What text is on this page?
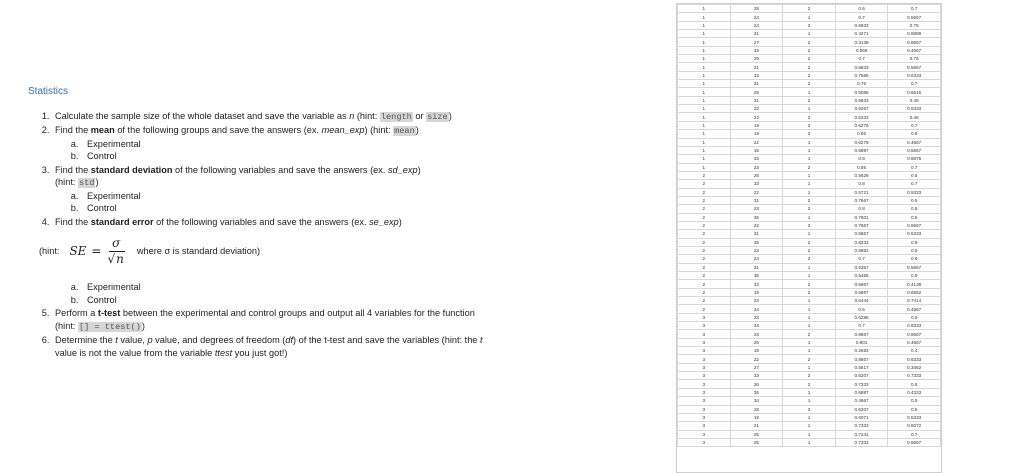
Statistics
1. Calculate the sample size of the whole dataset and save the variable as n (hint: length or size)
2. Find the mean of the following groups and save the answers (ex. mean_exp) (hint: mean)
a. Experimental
b. Control
3. Find the standard deviation of the following variables and save the answers (ex. sd_exp)
(hint: std)
a. Experimental
b. Control
4. Find the standard error of the following variables and save the answers (ex. se_exp)
(hint: SE = $\frac{\sigma}{√n}$ where σ is standard deviation)
a. Experimental
b. Control
5. Perform a t-test between the experimental and control groups and output all 4 variables for the function (hint: [] = ttest())
6. Determine the t value, p value, and degrees of freedom (df) of the t-test and save the variables (hint: the t value is not the value from the variable ttest you just got!)
1	28	2	0.6	0.7
1	24	1	0.7	0.5667
1	24	2	0.6833	0.75
1	31	1	0.4271	0.6889
1	27	2	0.3138	0.8667
1	33	2	0.569	0.4667
1	29	2	0.7	0.75
1	21	2	0.6833	0.5667
1	33	2	0.7586	0.6333
1	31	2	0.75	0.7
1	25	1	0.5085	0.6615
1	31	2	0.5833	0.45
1	22	1	0.5267	0.5333
1	22	2	0.5333	0.45
1	19	2	0.6276	0.7
1	19	2	0.85	0.8
1	22	1	0.6279	0.4667
1	15	1	0.6897	0.5667
1	33	1	0.9	0.6875
1	23	2	0.85	0.7
2	26	1	0.5828	0.5
2	33	1	0.8	0.7
2	22	1	0.5721	0.5333
2	31	2	0.7667	0.5
2	23	2	0.8	0.8
2	35	1	0.7601	0.5
2	22	2	0.7667	0.6667
2	31	1	0.5667	0.5333
2	35	2	0.8333	0.9
2	23	2	0.5862	0.5
2	24	2	0.7	0.6
2	31	1	0.5357	0.5667
2	35	1	0.5455	0.9
2	33	2	0.5667	0.4138
2	19	2	0.6897	0.6552
2	23	1	0.6444	0.7414
2	24	1	0.5	0.4667
3	23	1	0.6296	0.5
3	34	1	0.7	0.8333
3	23	2	0.8667	0.8667
3	26	1	0.801	0.4667
3	19	1	0.2593	0.4
3	22	2	0.8667	0.6333
3	27	1	0.5517	0.3462
3	33	2	0.6207	0.7333
3	26	2	0.7333	0.6
3	35	1	0.6897	0.4333
3	34	1	0.4667	0.5
3	28	2	0.6207	0.5
3	19	1	0.6071	0.5333
3	21	1	0.7333	0.6072
3	25	1	0.7241	0.7
3	25	1	0.7333	0.5667
